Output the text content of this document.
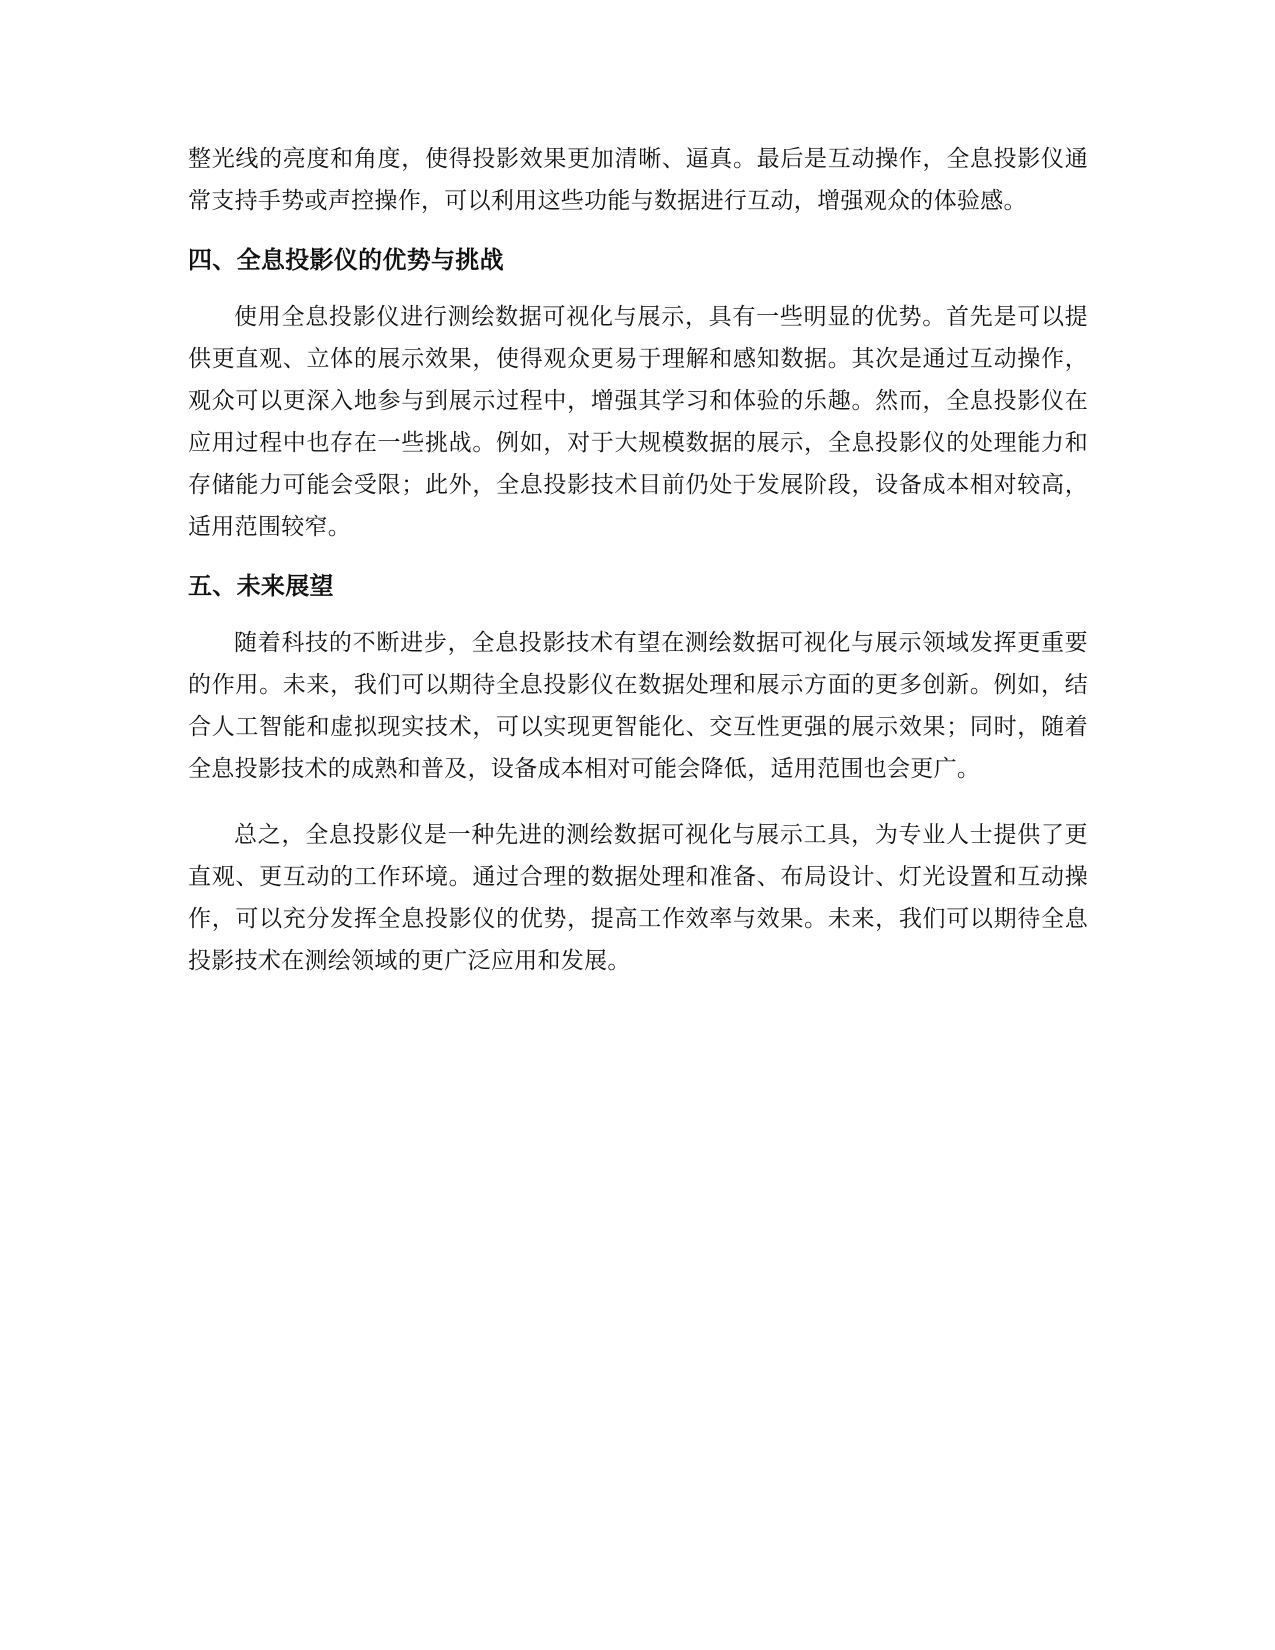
整光线的亮度和角度，使得投影效果更加清晰、逼真。最后是互动操作，全息投影仪通常支持手势或声控操作，可以利用这些功能与数据进行互动，增强观众的体验感。

四、全息投影仪的优势与挑战

使用全息投影仪进行测绘数据可视化与展示，具有一些明显的优势。首先是可以提供更直观、立体的展示效果，使得观众更易于理解和感知数据。其次是通过互动操作，观众可以更深入地参与到展示过程中，增强其学习和体验的乐趣。然而，全息投影仪在应用过程中也存在一些挑战。例如，对于大规模数据的展示，全息投影仪的处理能力和存储能力可能会受限；此外，全息投影技术目前仍处于发展阶段，设备成本相对较高，适用范围较窄。

五、未来展望

随着科技的不断进步，全息投影技术有望在测绘数据可视化与展示领域发挥更重要的作用。未来，我们可以期待全息投影仪在数据处理和展示方面的更多创新。例如，结合人工智能和虚拟现实技术，可以实现更智能化、交互性更强的展示效果；同时，随着全息投影技术的成熟和普及，设备成本相对可能会降低，适用范围也会更广。

总之，全息投影仪是一种先进的测绘数据可视化与展示工具，为专业人士提供了更直观、更互动的工作环境。通过合理的数据处理和准备、布局设计、灯光设置和互动操作，可以充分发挥全息投影仪的优势，提高工作效率与效果。未来，我们可以期待全息投影技术在测绘领域的更广泛应用和发展。
